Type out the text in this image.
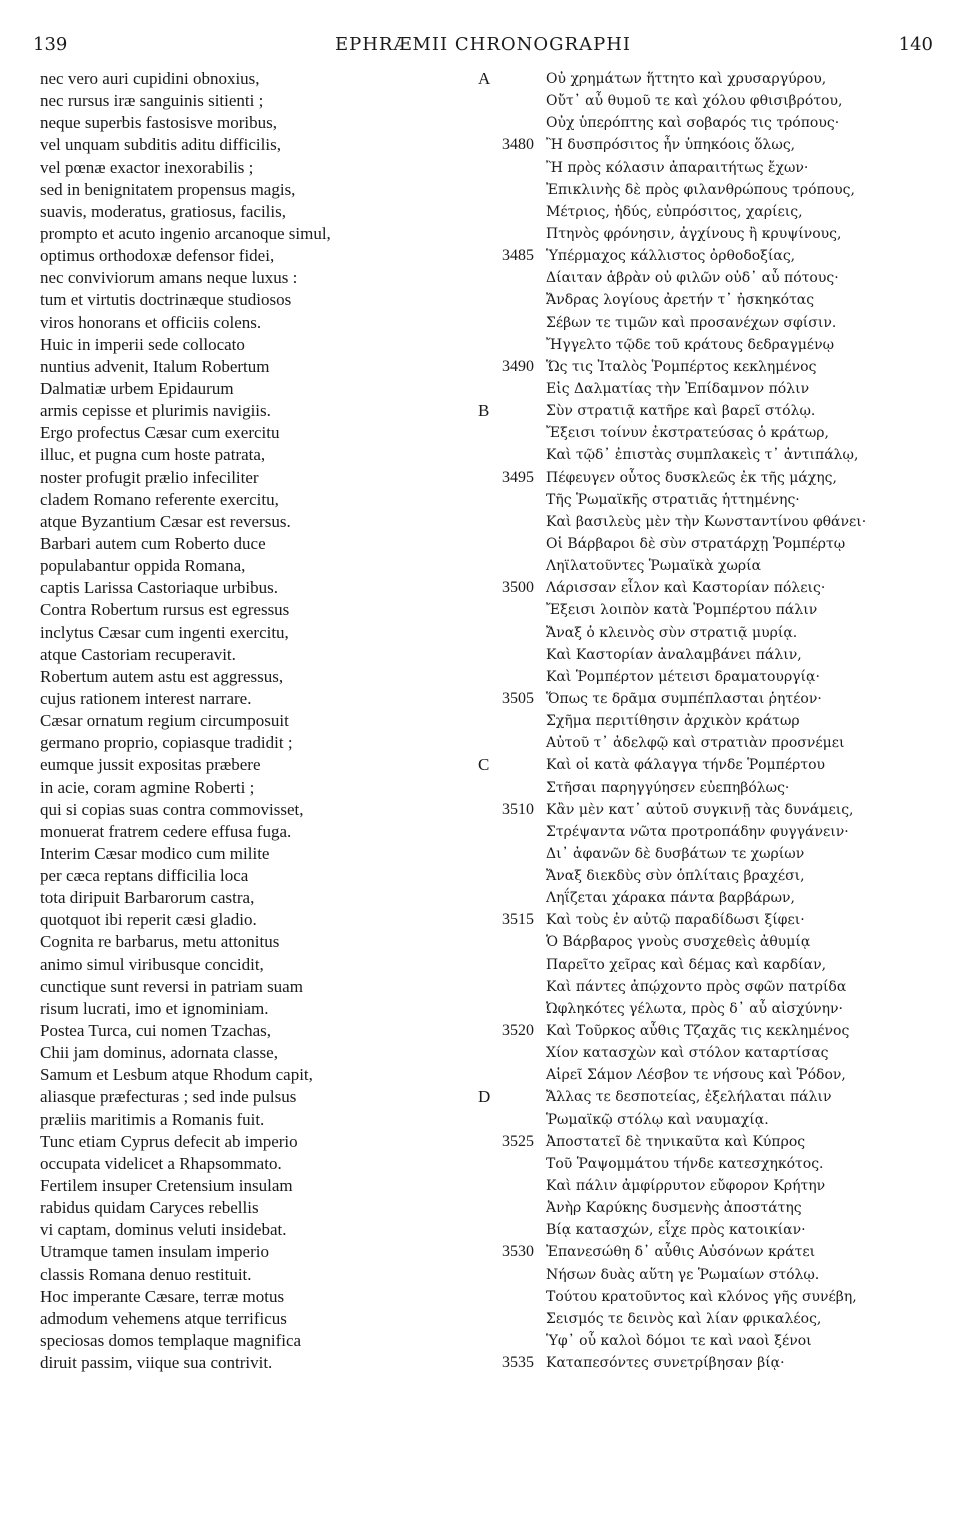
139	EPHRÆMII CHRONOGRAPHI	140
nec vero auri cupidini obnoxius,
nec rursus iræ sanguinis sitienti ;
neque superbis fastosisve moribus,
vel unquam subditis aditu difficilis,
vel pœnæ exactor inexorabilis ;
sed in benignitatem propensus magis,
suavis, moderatus, gratiosus, facilis,
prompto et acuto ingenio arcanoque simul,
optimus orthodoxæ defensor fidei,
nec conviviorum amans neque luxus :
tum et virtutis doctrinæque studiosos
viros honorans et officiis colens.
Huic in imperii sede collocato
nuntius advenit, Italum Robertum
Dalmatiæ urbem Epidaurum
armis cepisse et plurimis navigiis.
Ergo profectus Cæsar cum exercitu
illuc, et pugna cum hoste patrata,
noster profugit prælio infeciliter
cladem Romano referente exercitu,
atque Byzantium Cæsar est reversus.
Barbari autem cum Roberto duce
populabantur oppida Romana,
captis Larissa Castoriaque urbibus.
Contra Robertum rursus est egressus
inclytus Cæsar cum ingenti exercitu,
atque Castoriam recuperavit.
Robertum autem astu est aggressus,
cujus rationem interest narrare.
Cæsar ornatum regium circumposuit
germano proprio, copiasque tradidit ;
eumque jussit expositas præbere
in acie, coram agmine Roberti ;
qui si copias suas contra commovisset,
monuerat fratrem cedere effusa fuga.
Interim Cæsar modico cum milite
per cæca reptans difficilia loca
tota diripuit Barbarorum castra,
quotquot ibi reperit cæsi gladio.
Cognita re barbarus, metu attonitus
animo simul viribusque concidit,
cunctique sunt reversi in patriam suam
risum lucrati, imo et ignominiam.
Postea Turca, cui nomen Tzachas,
Chii jam dominus, adornata classe,
Samum et Lesbum atque Rhodum capit,
aliasque præfecturas ; sed inde pulsus
præliis maritimis a Romanis fuit.
Tunc etiam Cyprus defecit ab imperio
occupata videlicet a Rhapsommato.
Fertilem insuper Cretensium insulam
rabidus quidam Caryces rebellis
vi captam, dominus veluti insidebat.
Utramque tamen insulam imperio
classis Romana denuo restituit.
Hoc imperante Cæsare, terræ motus
admodum vehemens atque terrificus
speciosas domos templaque magnifica
diruit passim, viique sua contrivit.
A	Οὐ χρημάτων ἥττητο καὶ χρυσαργύρου,
Οὔτ᾽ αὖ θυμοῦ τε καὶ χόλου φθισιβρότου,
Οὐχ ὑπερόπτης καὶ σοβαρός τις τρόπους·
3480 Ἢ δυσπρόσιτος ἦν ὑπηκόοις ὅλως,
Ἢ πρὸς κόλασιν ἀπαραιτήτως ἔχων·
Ἐπικλινὴς δὲ πρὸς φιλανθρώπους τρόπους,
Μέτριος, ἡδύς, εὐπρόσιτος, χαρίεις,
Πτηνὸς φρόνησιν, ἀγχίνους ἢ κρυψίνους,
3485 Ὑπέρμαχος κάλλιστος ὀρθοδοξίας,
Δίαιταν ἁβρὰν οὐ φιλῶν οὐδ᾽ αὖ πότους·
Ἄνδρας λογίους ἀρετήν τ᾽ ἠσκηκότας
Σέβων τε τιμῶν καὶ προσανέχων σφίσιν.
Ἤγγελτο τῷδε τοῦ κράτους δεδραγμένῳ
3490 Ὥς τις Ἰταλὸς Ῥομπέρτος κεκλημένος
Εἰς Δαλματίας τὴν Ἐπίδαμνον πόλιν
B	Σὺν στρατιᾷ κατῆρε καὶ βαρεῖ στόλῳ.
Ἔξεισι τοίνυν ἐκστρατεύσας ὁ κράτωρ,
Καὶ τῷδ᾽ ἐπιστὰς συμπλακεὶς τ᾽ ἀντιπάλῳ,
3495 Πέφευγεν οὗτος δυσκλεῶς ἐκ τῆς μάχης,
Τῆς Ῥωμαϊκῆς στρατιᾶς ἡττημένης·
Καὶ βασιλεὺς μὲν τὴν Κωνσταντίνου φθάνει·
Οἱ Βάρβαροι δὲ σὺν στρατάρχῃ Ῥομπέρτῳ
Ληϊλατοῦντες Ῥωμαϊκὰ χωρία
3500 Λάρισσαν εἷλον καὶ Καστορίαν πόλεις·
Ἔξεισι λοιπὸν κατὰ Ῥομπέρτου πάλιν
Ἄναξ ὁ κλεινὸς σὺν στρατιᾷ μυρίᾳ.
Καὶ Καστορίαν ἀναλαμβάνει πάλιν,
Καὶ Ῥομπέρτον μέτεισι δραματουργίᾳ·
3505 Ὅπως τε δρᾶμα συμπέπλασται ῥητέον·
Σχῆμα περιτίθησιν ἀρχικὸν κράτωρ
Αὐτοῦ τ᾽ ἀδελφῷ καὶ στρατιὰν προσνέμει
C	Καὶ οἱ κατὰ φάλαγγα τήνδε Ῥομπέρτου
Στῆσαι παρηγγύησεν εὐεπηβόλως·
3510 Κἂν μὲν κατ᾽ αὐτοῦ συγκινῇ τὰς δυνάμεις,
Στρέψαντα νῶτα προτροπάδην φυγγάνειν·
Δι᾽ ἀφανῶν δὲ δυσβάτων τε χωρίων
Ἄναξ διεκδὺς σὺν ὁπλίταις βραχέσι,
Ληΐζεται χάρακα πάντα βαρβάρων,
3515 Καὶ τοὺς ἐν αὐτῷ παραδίδωσι ξίφει·
Ὁ Βάρβαρος γνοὺς συσχεθεὶς ἀθυμίᾳ
Παρεῖτο χεῖρας καὶ δέμας καὶ καρδίαν,
Καὶ πάντες ἀπῴχοντο πρὸς σφῶν πατρίδα
Ὠφληκότες γέλωτα, πρὸς δ᾽ αὖ αἰσχύνην·
3520 Καὶ Τοῦρκος αὖθις Τζαχᾶς τις κεκλημένος
Χίον κατασχὼν καὶ στόλον καταρτίσας
Αἱρεῖ Σάμον Λέσβον τε νήσους καὶ Ῥόδον,
D	Ἄλλας τε δεσποτείας, ἐξελήλαται πάλιν
Ῥωμαϊκῷ στόλῳ καὶ ναυμαχίᾳ.
3525 Ἀποστατεῖ δὲ τηνικαῦτα καὶ Κύπρος
Τοῦ Ῥαψομμάτου τήνδε κατεσχηκότος.
Καὶ πάλιν ἀμφίρρυτον εὔφορον Κρήτην
Ἀνὴρ Καρύκης δυσμενὴς ἀποστάτης
Βίᾳ κατασχών, εἶχε πρὸς κατοικίαν·
3530 Ἐπανεσώθη δ᾽ αὖθις Αὐσόνων κράτει
Νήσων δυὰς αὕτη γε Ῥωμαίων στόλῳ.
Τούτου κρατοῦντος καὶ κλόνος γῆς συνέβη,
Σεισμός τε δεινὸς καὶ λίαν φρικαλέος,
Ὑφ᾽ οὗ καλοὶ δόμοι τε καὶ ναοὶ ξένοι
3535 Καταπεσόντες συνετρίβησαν βίᾳ·
